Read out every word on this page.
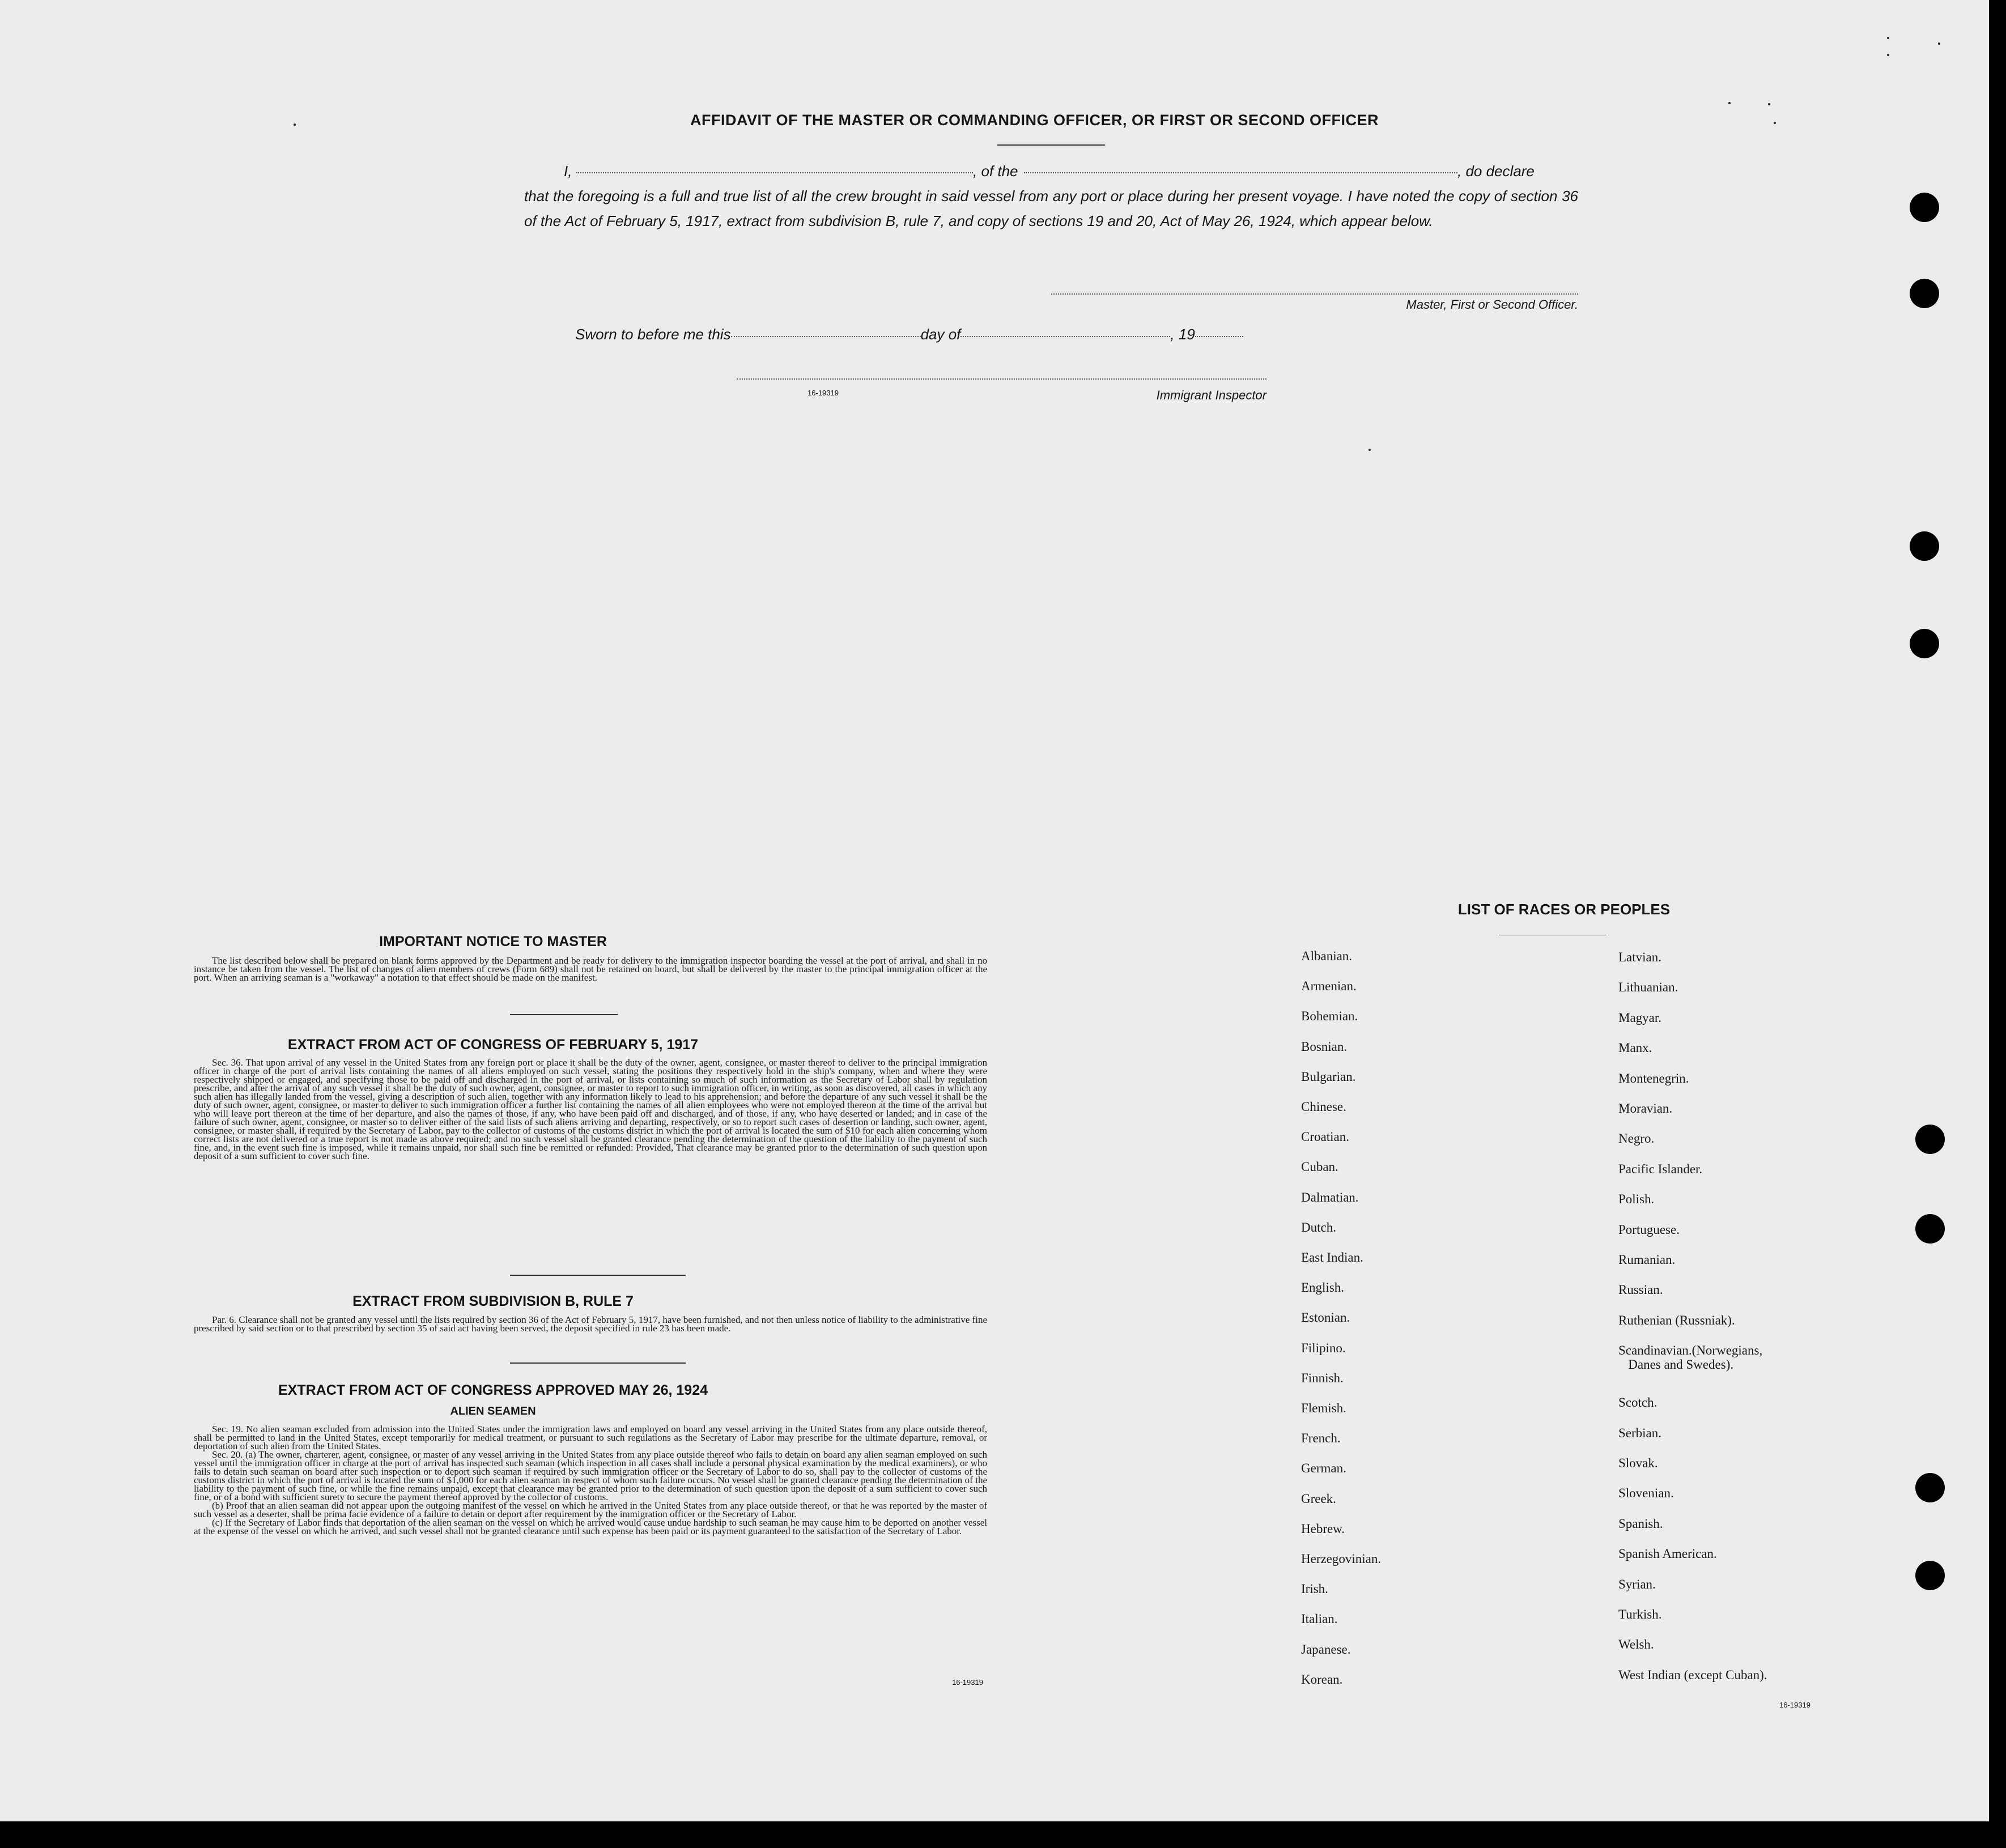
AFFIDAVIT OF THE MASTER OR COMMANDING OFFICER, OR FIRST OR SECOND OFFICER
I,	, of the	, do declare
that the foregoing is a full and true list of all the crew brought in said vessel from any port or place during her present voyage. I have noted the copy of section 36 of the Act of February 5, 1917, extract from subdivision B, rule 7, and copy of sections 19 and 20, Act of May 26, 1924, which appear below.
Master, First or Second Officer.
Sworn to before me this	day of	, 19
16-19319	Immigrant Inspector
IMPORTANT NOTICE TO MASTER

The list described below shall be prepared on blank forms approved by the Department and be ready for delivery to the immigration inspector boarding the vessel at the port of arrival, and shall in no instance be taken from the vessel. The list of changes of alien members of crews (Form 689) shall not be retained on board, but shall be delivered by the master to the principal immigration officer at the port. When an arriving seaman is a "workaway" a notation to that effect should be made on the manifest.

EXTRACT FROM ACT OF CONGRESS OF FEBRUARY 5, 1917

Sec. 36. That upon arrival of any vessel in the United States from any foreign port or place it shall be the duty of the owner, agent, consignee, or master thereof to deliver to the principal immigration officer in charge of the port of arrival lists containing the names of all aliens employed on such vessel, stating the positions they respectively hold in the ship's company, when and where they were respectively shipped or engaged, and specifying those to be paid off and discharged in the port of arrival, or lists containing so much of such information as the Secretary of Labor shall by regulation prescribe, and after the arrival of any such vessel it shall be the duty of such owner, agent, consignee, or master to report to such immigration officer, in writing, as soon as discovered, all cases in which any such alien has illegally landed from the vessel, giving a description of such alien, together with any information likely to lead to his apprehension; and before the departure of any such vessel it shall be the duty of such owner, agent, consignee, or master to deliver to such immigration officer a further list containing the names of all alien employees who were not employed thereon at the time of the arrival but who will leave port thereon at the time of her departure, and also the names of those, if any, who have been paid off and discharged, and of those, if any, who have deserted or landed; and in case of the failure of such owner, agent, consignee, or master so to deliver either of the said lists of such aliens arriving and departing, respectively, or so to report such cases of desertion or landing, such owner, agent, consignee, or master shall, if required by the Secretary of Labor, pay to the collector of customs of the customs district in which the port of arrival is located the sum of $10 for each alien concerning whom correct lists are not delivered or a true report is not made as above required; and no such vessel shall be granted clearance pending the determination of the question of the liability to the payment of such fine, and, in the event such fine is imposed, while it remains unpaid, nor shall such fine be remitted or refunded: Provided, That clearance may be granted prior to the determination of such question upon deposit of a sum sufficient to cover such fine.

EXTRACT FROM SUBDIVISION B, RULE 7

Par. 6. Clearance shall not be granted any vessel until the lists required by section 36 of the Act of February 5, 1917, have been furnished, and not then unless notice of liability to the administrative fine prescribed by said section or to that prescribed by section 35 of said act having been served, the deposit specified in rule 23 has been made.

EXTRACT FROM ACT OF CONGRESS APPROVED MAY 26, 1924
ALIEN SEAMEN

Sec. 19. No alien seaman excluded from admission into the United States under the immigration laws and employed on board any vessel arriving in the United States from any place outside thereof, shall be permitted to land in the United States, except temporarily for medical treatment, or pursuant to such regulations as the Secretary of Labor may prescribe for the ultimate departure, removal, or deportation of such alien from the United States.

Sec. 20. (a) The owner, charterer, agent, consignee, or master of any vessel arriving in the United States from any place outside thereof who fails to detain on board any alien seaman employed on such vessel until the immigration officer in charge at the port of arrival has inspected such seaman (which inspection in all cases shall include a personal physical examination by the medical examiners), or who fails to detain such seaman on board after such inspection or to deport such seaman if required by such immigration officer or the Secretary of Labor to do so, shall pay to the collector of customs of the customs district in which the port of arrival is located the sum of $1,000 for each alien seaman in respect of whom such failure occurs. No vessel shall be granted clearance pending the determination of the liability to the payment of such fine, or while the fine remains unpaid, except that clearance may be granted prior to the determination of such question upon the deposit of a sum sufficient to cover such fine, or of a bond with sufficient surety to secure the payment thereof approved by the collector of customs.

(b) Proof that an alien seaman did not appear upon the outgoing manifest of the vessel on which he arrived in the United States from any place outside thereof, or that he was reported by the master of such vessel as a deserter, shall be prima facie evidence of a failure to detain or deport after requirement by the immigration officer or the Secretary of Labor.

(c) If the Secretary of Labor finds that deportation of the alien seaman on the vessel on which he arrived would cause undue hardship to such seaman he may cause him to be deported on another vessel at the expense of the vessel on which he arrived, and such vessel shall not be granted clearance until such expense has been paid or its payment guaranteed to the satisfaction of the Secretary of Labor.

16-19319
LIST OF RACES OR PEOPLES
Albanian.
Armenian.
Bohemian.
Bosnian.
Bulgarian.
Chinese.
Croatian.
Cuban.
Dalmatian.
Dutch.
East Indian.
English.
Estonian.
Filipino.
Finnish.
Flemish.
French.
German.
Greek.
Hebrew.
Herzegovinian.
Irish.
Italian.
Japanese.
Korean.
Latvian.
Lithuanian.
Magyar.
Manx.
Montenegrin.
Moravian.
Negro.
Pacific Islander.
Polish.
Portuguese.
Rumanian.
Russian.
Ruthenian (Russniak).
Scandinavian.(Norwegians,
Danes and Swedes).
Scotch.
Serbian.
Slovak.
Slovenian.
Spanish.
Spanish American.
Syrian.
Turkish.
Welsh.
West Indian (except Cuban).
16-19319
